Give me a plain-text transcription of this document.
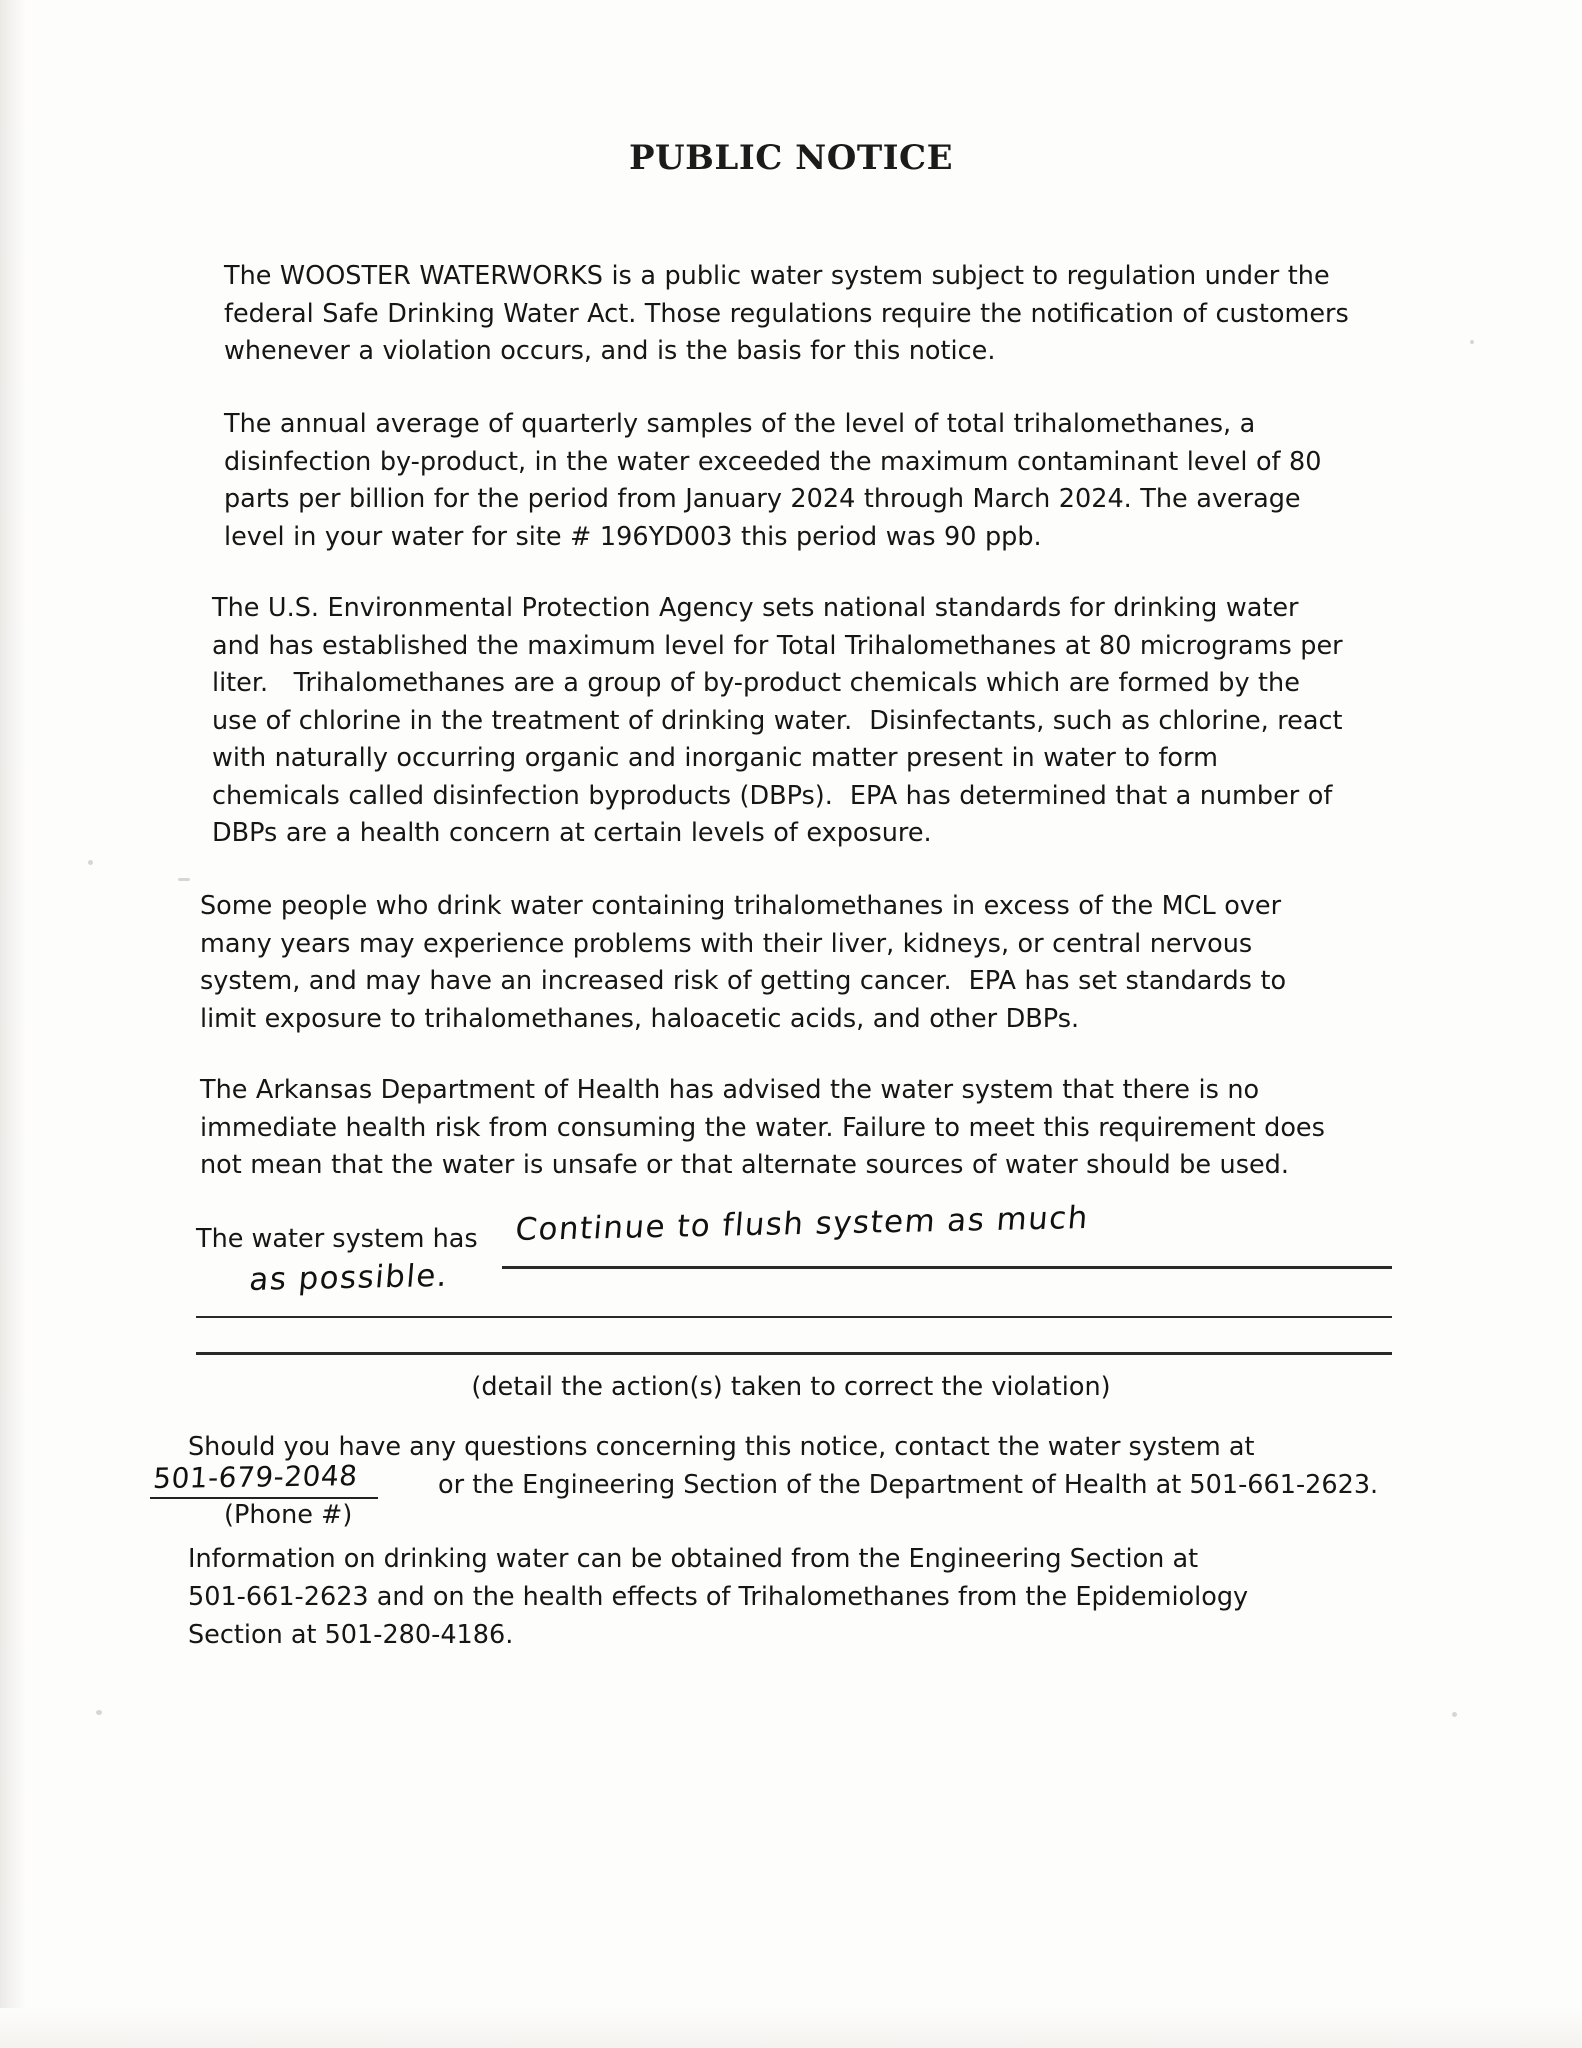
PUBLIC NOTICE
The WOOSTER WATERWORKS is a public water system subject to regulation under the
federal Safe Drinking Water Act. Those regulations require the notification of customers
whenever a violation occurs, and is the basis for this notice.
The annual average of quarterly samples of the level of total trihalomethanes, a
disinfection by-product, in the water exceeded the maximum contaminant level of 80
parts per billion for the period from January 2024 through March 2024. The average
level in your water for site # 196YD003 this period was 90 ppb.
The U.S. Environmental Protection Agency sets national standards for drinking water
and has established the maximum level for Total Trihalomethanes at 80 micrograms per
liter.   Trihalomethanes are a group of by-product chemicals which are formed by the
use of chlorine in the treatment of drinking water.  Disinfectants, such as chlorine, react
with naturally occurring organic and inorganic matter present in water to form
chemicals called disinfection byproducts (DBPs).  EPA has determined that a number of
DBPs are a health concern at certain levels of exposure.
Some people who drink water containing trihalomethanes in excess of the MCL over
many years may experience problems with their liver, kidneys, or central nervous
system, and may have an increased risk of getting cancer.  EPA has set standards to
limit exposure to trihalomethanes, haloacetic acids, and other DBPs.
The Arkansas Department of Health has advised the water system that there is no
immediate health risk from consuming the water. Failure to meet this requirement does
not mean that the water is unsafe or that alternate sources of water should be used.
The water system has Continue to flush system as much
as possible.
(detail the action(s) taken to correct the violation)
Should you have any questions concerning this notice, contact the water system at
or the Engineering Section of the Department of Health at 501-661-2623.
501-679-2048
(Phone #)
Information on drinking water can be obtained from the Engineering Section at
501-661-2623 and on the health effects of Trihalomethanes from the Epidemiology
Section at 501-280-4186.
